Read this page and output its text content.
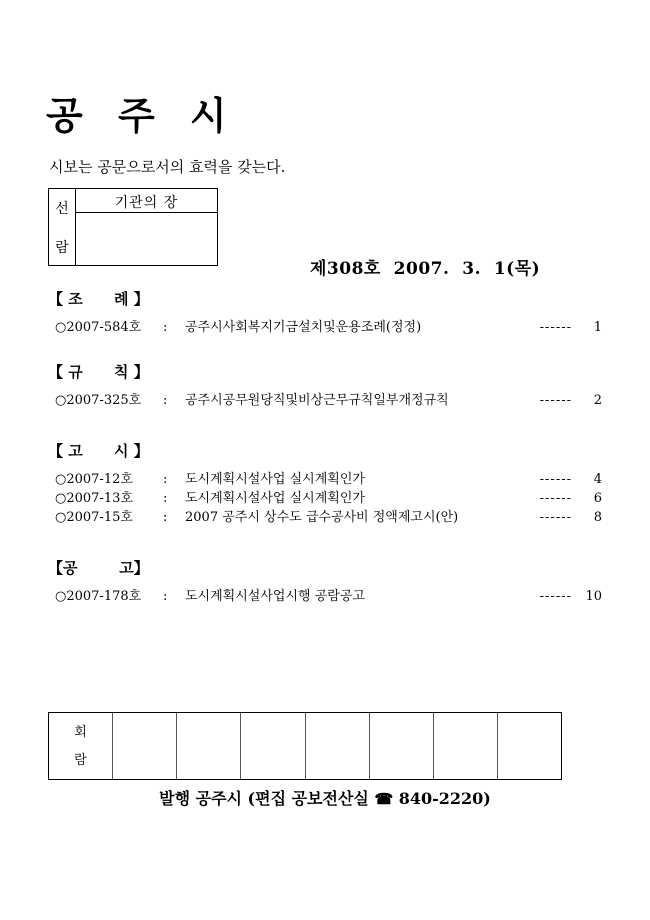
공 주 시
시보는 공문으로서의 효력을 갖는다.
선
람
기관의 장
제308호  2007.  3.  1(목)
【 조      례 】
○2007-584호	:	공주시사회복지기금설치및운용조례(정정)	------	1
【 규      칙 】
○2007-325호	:	공주시공무원당직및비상근무규칙일부개정규칙	------	2
【 고      시 】
○2007-12호	:	도시계획시설사업 실시계획인가	------	4
○2007-13호	:	도시계획시설사업 실시계획인가	------	6
○2007-15호	:	2007 공주시 상수도 급수공사비 정액제고시(안)	------	8
【공        고】
○2007-178호	:	도시계획시설사업시행 공람공고	------	10
회
람
발행 공주시 (편집 공보전산실 ☎ 840-2220)
